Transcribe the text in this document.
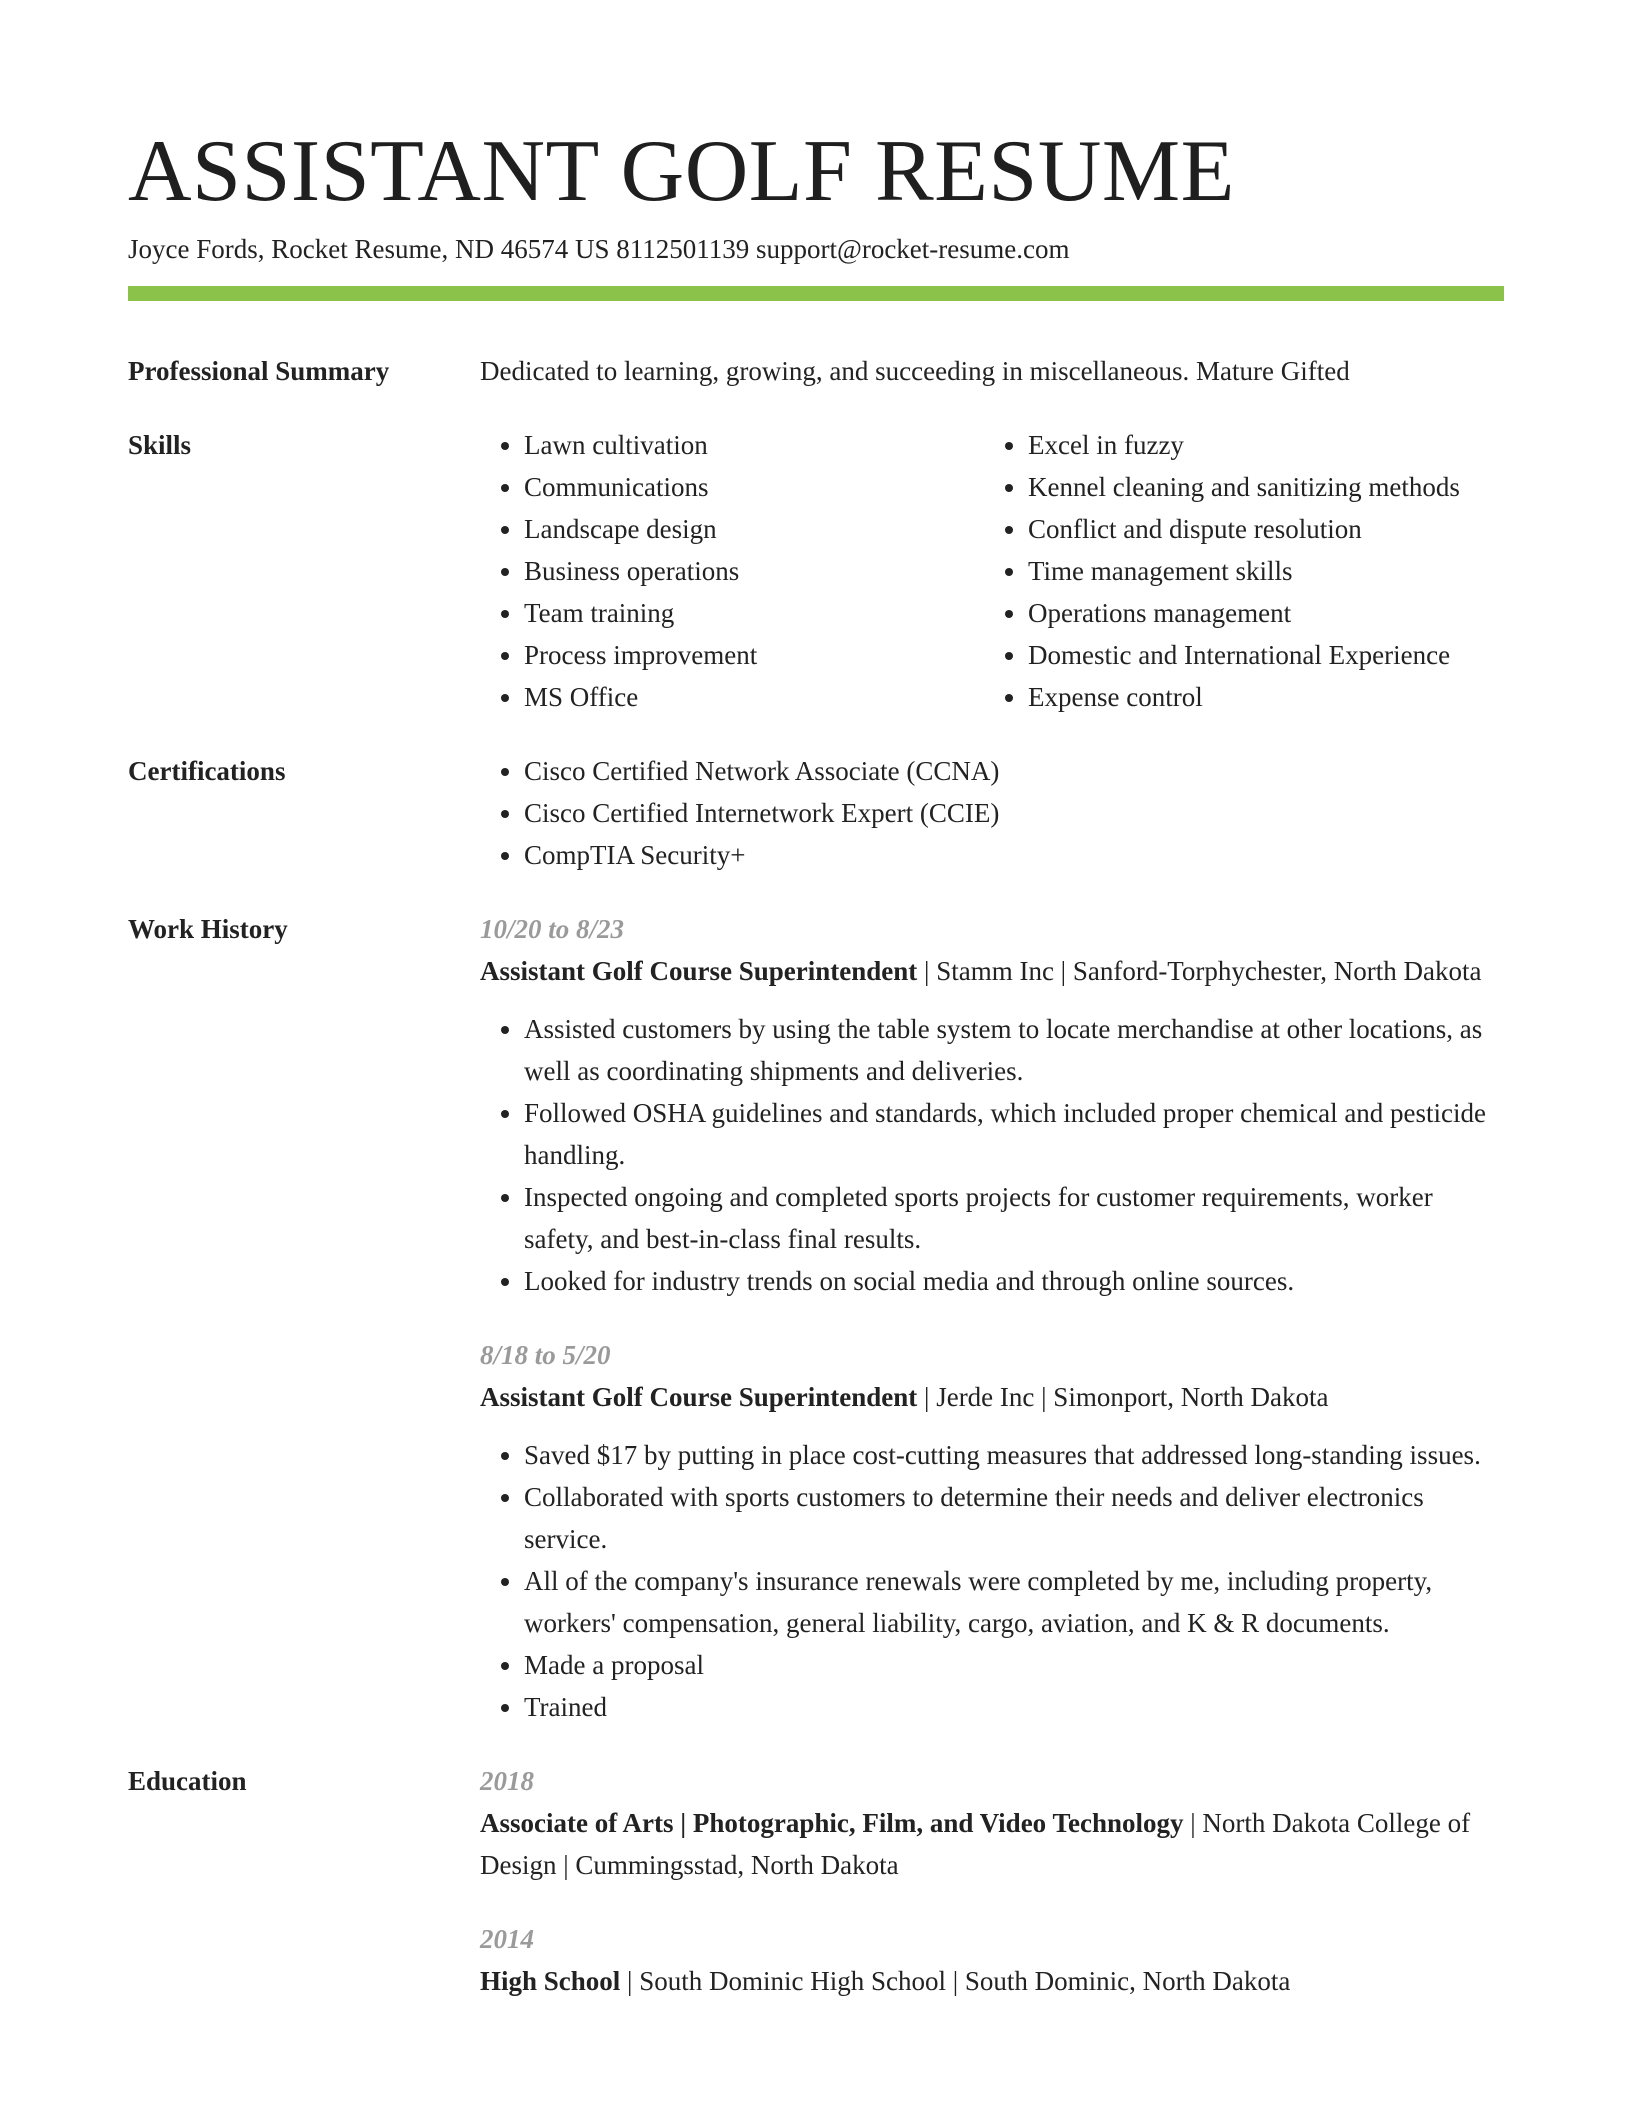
ASSISTANT GOLF RESUME
Joyce Fords, Rocket Resume, ND 46574 US 8112501139 support@rocket-resume.com
Professional Summary	Dedicated to learning, growing, and succeeding in miscellaneous. Mature Gifted
Skills	• Lawn cultivation
• Communications
• Landscape design
• Business operations
• Team training
• Process improvement
• MS Office
• Excel in fuzzy
• Kennel cleaning and sanitizing methods
• Conflict and dispute resolution
• Time management skills
• Operations management
• Domestic and International Experience
• Expense control
Certifications	• Cisco Certified Network Associate (CCNA)
• Cisco Certified Internetwork Expert (CCIE)
• CompTIA Security+
Work History	10/20 to 8/23
Assistant Golf Course Superintendent | Stamm Inc | Sanford-Torphychester, North Dakota
• Assisted customers by using the table system to locate merchandise at other locations, as well as coordinating shipments and deliveries.
• Followed OSHA guidelines and standards, which included proper chemical and pesticide handling.
• Inspected ongoing and completed sports projects for customer requirements, worker safety, and best-in-class final results.
• Looked for industry trends on social media and through online sources.
8/18 to 5/20
Assistant Golf Course Superintendent | Jerde Inc | Simonport, North Dakota
• Saved $17 by putting in place cost-cutting measures that addressed long-standing issues.
• Collaborated with sports customers to determine their needs and deliver electronics service.
• All of the company's insurance renewals were completed by me, including property, workers' compensation, general liability, cargo, aviation, and K & R documents.
• Made a proposal
• Trained
Education	2018
Associate of Arts | Photographic, Film, and Video Technology | North Dakota College of Design | Cummingsstad, North Dakota
2014
High School | South Dominic High School | South Dominic, North Dakota
